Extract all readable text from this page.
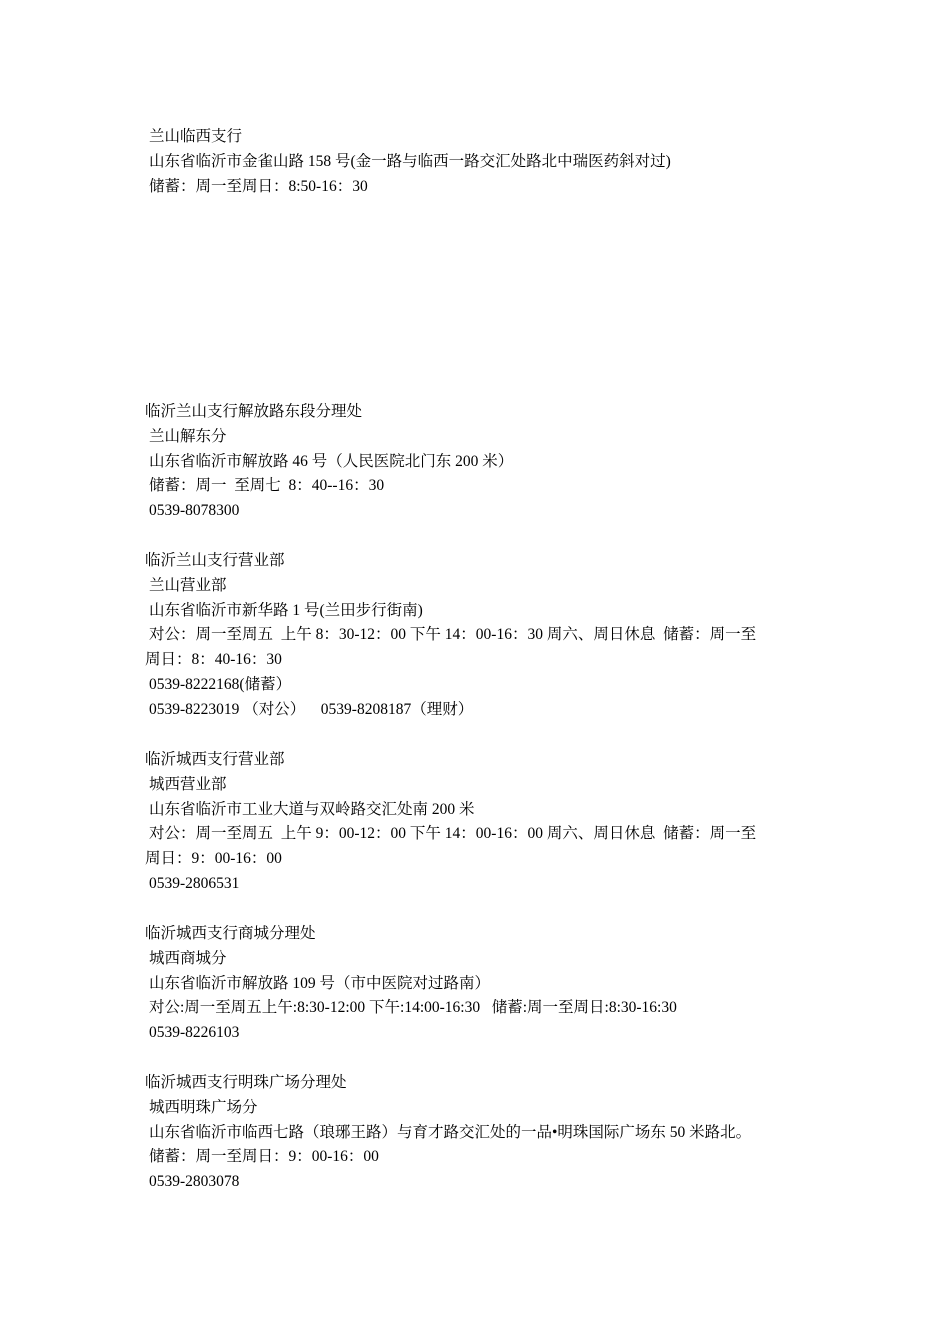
兰山临西支行
山东省临沂市金雀山路 158 号(金一路与临西一路交汇处路北中瑞医药斜对过)
储蓄：周一至周日：8:50-16：30
临沂兰山支行解放路东段分理处
兰山解东分
山东省临沂市解放路 46 号（人民医院北门东 200 米）
储蓄：周一  至周七  8：40--16：30
0539-8078300
临沂兰山支行营业部
兰山营业部
山东省临沂市新华路 1 号(兰田步行街南)
对公：周一至周五  上午 8：30-12：00 下午 14：00-16：30 周六、周日休息  储蓄：周一至
周日：8：40-16：30
0539-8222168(储蓄）
0539-8223019 （对公）    0539-8208187（理财）
临沂城西支行营业部
城西营业部
山东省临沂市工业大道与双岭路交汇处南 200 米
对公：周一至周五  上午 9：00-12：00 下午 14：00-16：00 周六、周日休息  储蓄：周一至
周日：9：00-16：00
0539-2806531
临沂城西支行商城分理处
城西商城分
山东省临沂市解放路 109 号（市中医院对过路南）
对公:周一至周五上午:8:30-12:00 下午:14:00-16:30   储蓄:周一至周日:8:30-16:30
0539-8226103
临沂城西支行明珠广场分理处
城西明珠广场分
山东省临沂市临西七路（琅琊王路）与育才路交汇处的一品•明珠国际广场东 50 米路北。
储蓄：周一至周日：9：00-16：00
0539-2803078
